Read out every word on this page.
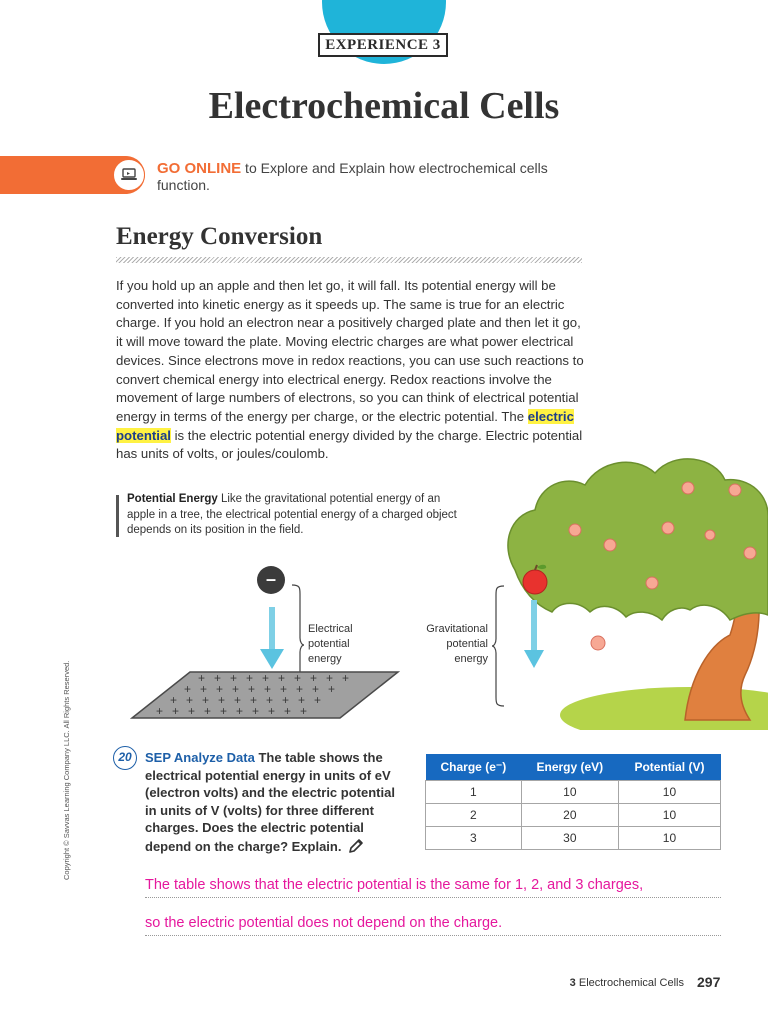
EXPERIENCE 3
Electrochemical Cells
GO ONLINE to Explore and Explain how electrochemical cells function.
Energy Conversion
If you hold up an apple and then let go, it will fall. Its potential energy will be converted into kinetic energy as it speeds up. The same is true for an electric charge. If you hold an electron near a positively charged plate and then let it go, it will move toward the plate. Moving electric charges are what power electrical devices. Since electrons move in redox reactions, you can use such reactions to convert chemical energy into electrical energy. Redox reactions involve the movement of large numbers of electrons, so you can think of electrical potential energy in terms of the energy per charge, or the electric potential. The electric potential is the electric potential energy divided by the charge. Electric potential has units of volts, or joules/coulomb.
Potential Energy Like the gravitational potential energy of an apple in a tree, the electrical potential energy of a charged object depends on its position in the field.
Gravitational
potential
energy
–
Electrical
potential
energy
+ + + + + + + + + +
+ + + + + + + + + +
+ + + + + + + + + +
+ + + + + + + + + +
20	SEP Analyze Data The table shows the electrical potential energy in units of eV (electron volts) and the electric potential in units of V (volts) for three different charges. Does the electric potential depend on the charge? Explain.
Charge (e⁻)	Energy (eV)	Potential (V)
1	10	10
2	20	10
3	30	10
The table shows that the electric potential is the same for 1, 2, and 3 charges,
so the electric potential does not depend on the charge.
Copyright © Savvas Learning Company LLC. All Rights Reserved.
3 Electrochemical Cells 297
